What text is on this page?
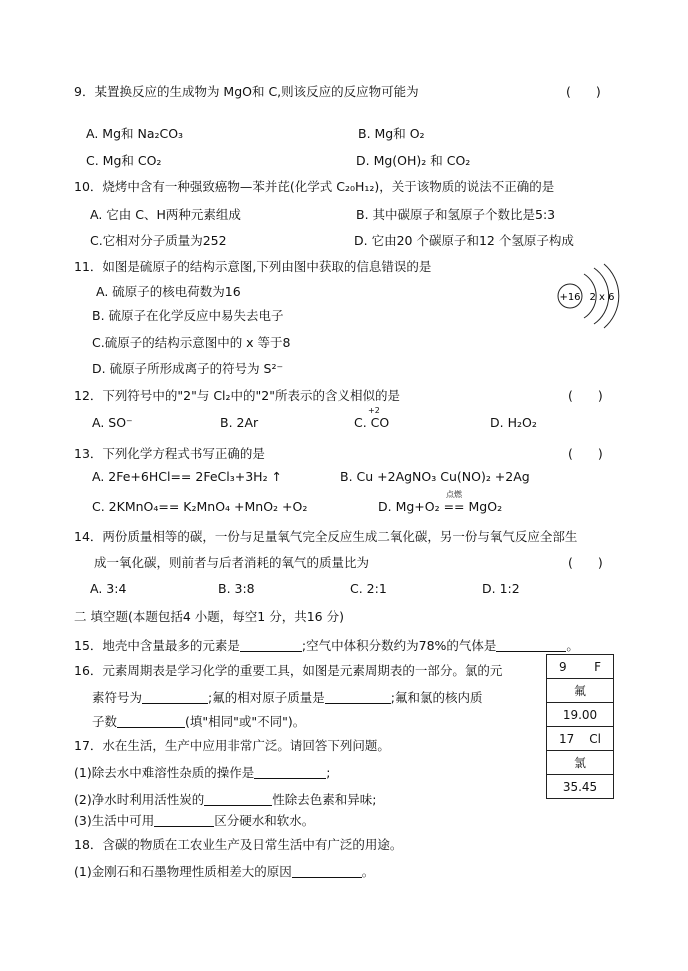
9．某置换反应的生成物为 MgO和 C,则该反应的反应物可能为	(　　)
A. Mg和 Na₂CO₃	B. Mg和 O₂
C. Mg和 CO₂	D. Mg(OH)₂ 和 CO₂
10．烧烤中含有一种强致癌物—苯并芘(化学式 C₂₀H₁₂)，关于该物质的说法不正确的是
A. 它由 C、H两种元素组成	B. 其中碳原子和氢原子个数比是5:3
C.它相对分子质量为252	D. 它由20 个碳原子和12 个氢原子构成
11．如图是硫原子的结构示意图,下列由图中获取的信息错误的是
A. 硫原子的核电荷数为16
B. 硫原子在化学反应中易失去电子
C.硫原子的结构示意图中的 x 等于8
D. 硫原子所形成离子的符号为 S²⁻
+16 2 x 6
12．下列符号中的"2"与 Cl₂中的"2"所表示的含义相似的是	(　　)
A. SO⁻	B. 2Ar
+2
C. CO	D. H₂O₂
13．下列化学方程式书写正确的是	(　　)
A. 2Fe+6HCl== 2FeCl₃+3H₂ ↑	B. Cu +2AgNO₃ Cu(NO)₂ +2Ag
C. 2KMnO₄== K₂MnO₄ +MnO₂ +O₂
点燃
D. Mg+O₂ == MgO₂
14．两份质量相等的碳，一份与足量氧气完全反应生成二氧化碳，另一份与氧气反应全部生
成一氧化碳，则前者与后者消耗的氧气的质量比为	(　　)
A. 3:4	B. 3:8	C. 2:1	D. 1:2
二 填空题(本题包括4 小题，每空1 分，共16 分)
15．地壳中含量最多的元素是	;空气中体积分数约为78%的气体是	。
16．元素周期表是学习化学的重要工具，如图是元素周期表的一部分。氯的元
素符号为	;氟的相对原子质量是	;氟和氯的核内质
子数	(填"相同"或"不同")。
9 F

氟
19.00

17 Cl

氯
35.45
17．水在生活，生产中应用非常广泛。请回答下列问题。
(1)除去水中难溶性杂质的操作是	;
(2)净水时利用活性炭的	性除去色素和异味;
(3)生活中可用	区分硬水和软水。
18．含碳的物质在工农业生产及日常生活中有广泛的用途。
(1)金刚石和石墨物理性质相差大的原因	。
